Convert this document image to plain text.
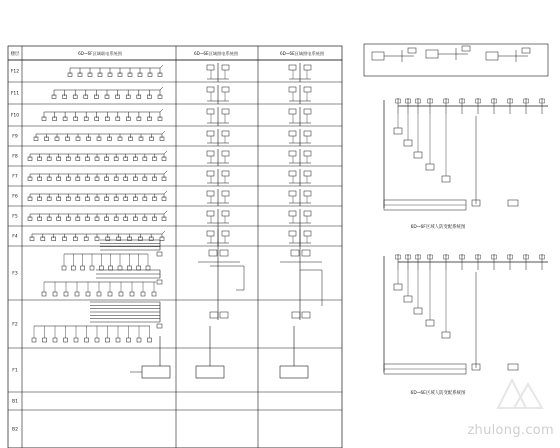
6D~6F区域联电系统图	6D~6E区域照电系统图	6D~6E区域照电系统图
楼层
F12
F11
F10
F9
F8
F7
F6
F5
F4
F3
F2
F1
B1
B2
6D~6F区域人防变配系统图
6D~6E区域人防变配系统图
zhulong.com
